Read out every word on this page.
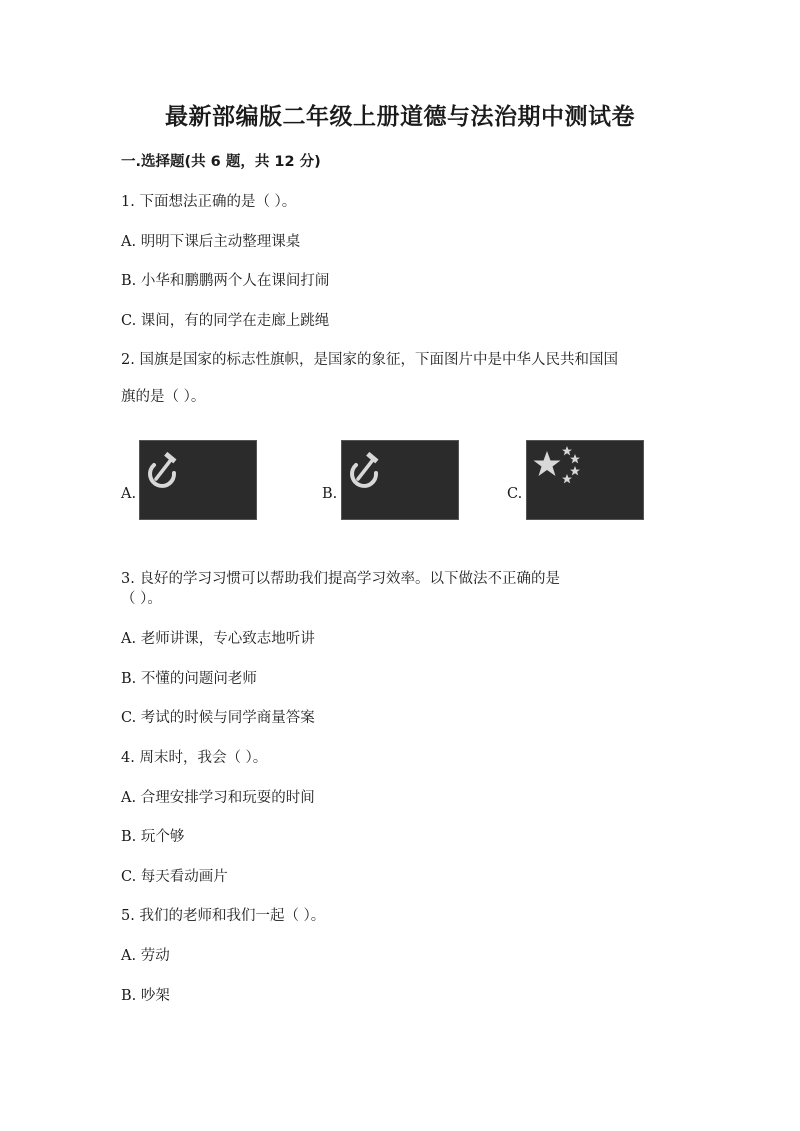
最新部编版二年级上册道德与法治期中测试卷
一.选择题(共 6 题，共 12 分)
1. 下面想法正确的是（ ）。
A. 明明下课后主动整理课桌
B. 小华和鹏鹏两个人在课间打闹
C. 课间，有的同学在走廊上跳绳
2. 国旗是国家的标志性旗帜，是国家的象征，下面图片中是中华人民共和国国
旗的是（ ）。
A.	B.	C.
3. 良好的学习习惯可以帮助我们提高学习效率。以下做法不正确的是
（ ）。
A. 老师讲课，专心致志地听讲
B. 不懂的问题问老师
C. 考试的时候与同学商量答案
4. 周末时，我会（ ）。
A. 合理安排学习和玩耍的时间
B. 玩个够
C. 每天看动画片
5. 我们的老师和我们一起（ ）。
A. 劳动
B. 吵架
